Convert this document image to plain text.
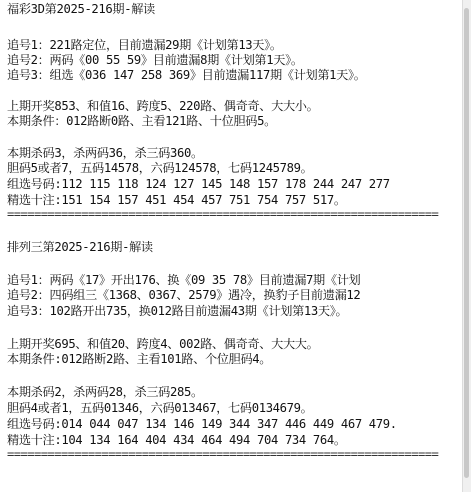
福彩3D第2025-216期-解读
追号1：221路定位，目前遗漏29期《计划第13天》。
追号2：两码《00 55 59》目前遗漏8期《计划第1天》。
追号3：组选《036 147 258 369》目前遗漏117期《计划第1天》。
上期开奖853、和值16、跨度5、220路、偶奇奇、大大小。
本期条件：012路断0路、主看121路、十位胆码5。
本期杀码3，杀两码36，杀三码360。
胆码5或者7，五码14578，六码124578，七码1245789。
组选号码:112 115 118 124 127 145 148 157 178 244 247 277
精选十注:151 154 157 451 454 457 751 754 757 517。
================================================================
排列三第2025-216期-解读
追号1：两码《17》开出176、换《09 35 78》目前遗漏7期《计划
追号2：四码组三《1368、0367、2579》遇冷，换豹子目前遗漏12
追号3：102路开出735，换012路目前遗漏43期《计划第13天》。
上期开奖695、和值20、跨度4、002路、偶奇奇、大大大。
本期条件:012路断2路、主看101路、个位胆码4。
本期杀码2，杀两码28，杀三码285。
胆码4或者1，五码01346，六码013467，七码0134679。
组选号码:014 044 047 134 146 149 344 347 446 449 467 479.
精选十注:104 134 164 404 434 464 494 704 734 764。
================================================================
